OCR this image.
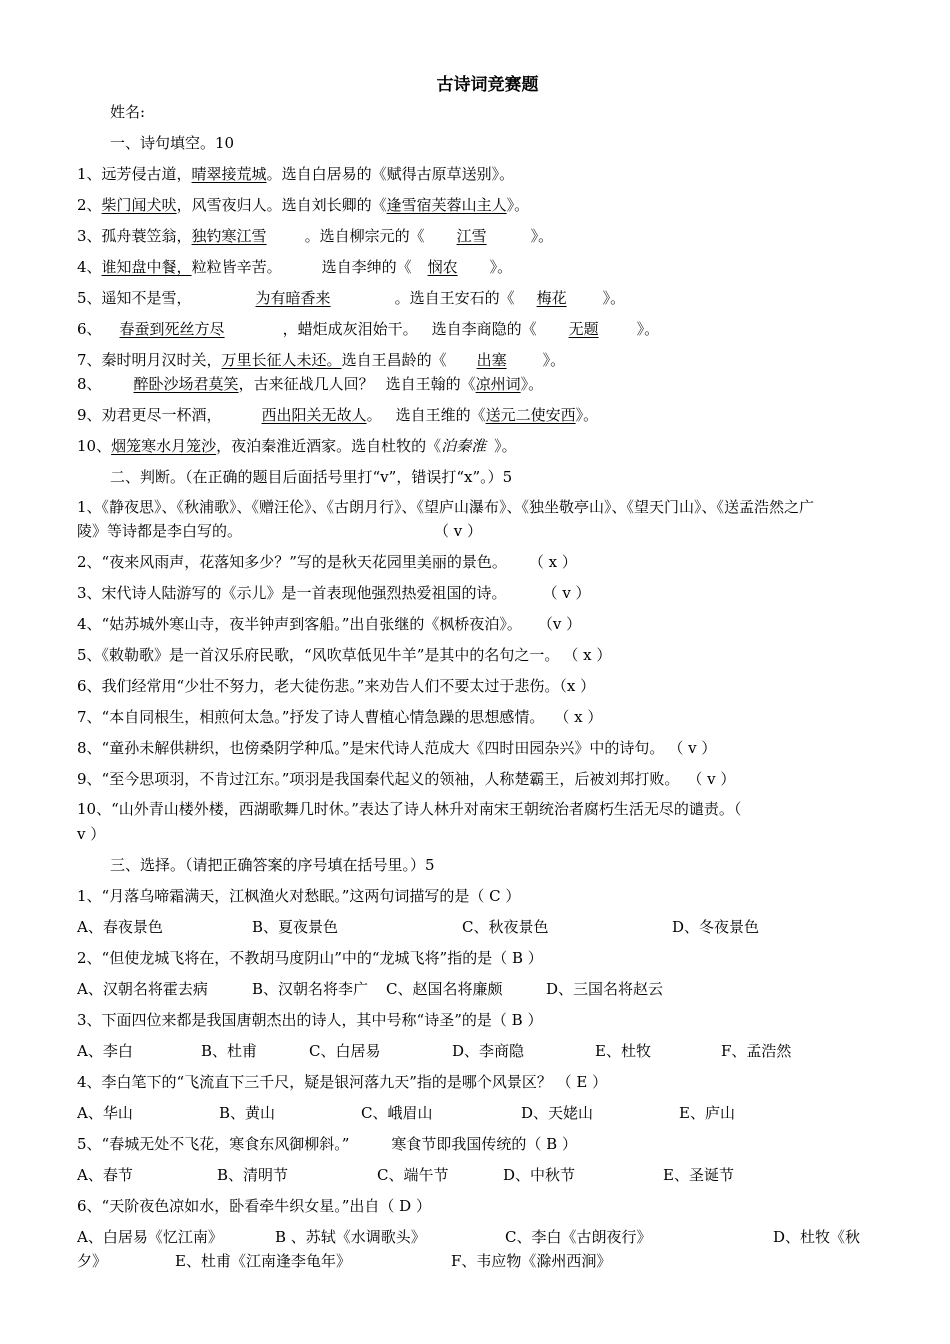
古诗词竞赛题
姓名:
一、诗句填空。10
1、远芳侵古道，晴翠接荒城。选自白居易的《赋得古原草送别》。
2、柴门闻犬吠，风雪夜归人。选自刘长卿的《逢雪宿芙蓉山主人》。
3、孤舟蓑笠翁，独钓寒江雪	。选自柳宗元的《 江雪	》。
4、谁知盘中餐，粒粒皆辛苦。	选自李绅的《 悯农 》。
5、遥知不是雪，	为有暗香来	。选自王安石的《 梅花 》。
6、 春蚕到死丝方尽	，蜡炬成灰泪始干。 选自李商隐的《 无题	》。
7、秦时明月汉时关，万里长征人未还。选自王昌龄的《 出塞 》。
8、 醉卧沙场君莫笑，古来征战几人回？ 选自王翰的《凉州词》。
9、劝君更尽一杯酒，	西出阳关无故人。 选自王维的《送元二使安西》。
10、烟笼寒水月笼沙，夜泊秦淮近酒家。选自杜牧的《泊秦淮 》。
二、判断。（在正确的题目后面括号里打“v”，错误打“x”。）5
1、《静夜思》、《秋浦歌》、《赠汪伦》、《古朗月行》、《望庐山瀑布》、《独坐敬亭山》、《望天门山》、《送孟浩然之广
陵》等诗都是李白写的。	（ v ）
2、“夜来风雨声，花落知多少？”写的是秋天花园里美丽的景色。 （ x ）
3、宋代诗人陆游写的《示儿》是一首表现他强烈热爱祖国的诗。 （ v ）
4、“姑苏城外寒山寺，夜半钟声到客船。”出自张继的《枫桥夜泊》。 （v ）
5、《敕勒歌》是一首汉乐府民歌，“风吹草低见牛羊”是其中的名句之一。 （ x ）
6、我们经常用“少壮不努力，老大徒伤悲。”来劝告人们不要太过于悲伤。（x ）
7、“本自同根生，相煎何太急。”抒发了诗人曹植心情急躁的思想感情。 （ x ）
8、“童孙未解供耕织，也傍桑阴学种瓜。”是宋代诗人范成大《四时田园杂兴》中的诗句。 （ v ）
9、“至今思项羽，不肯过江东。”项羽是我国秦代起义的领袖，人称楚霸王，后被刘邦打败。 （ v ）
10、“山外青山楼外楼，西湖歌舞几时休。”表达了诗人林升对南宋王朝统治者腐朽生活无尽的谴责。（
v ）
三、选择。（请把正确答案的序号填在括号里。）5
1、“月落乌啼霜满天，江枫渔火对愁眠。”这两句词描写的是（ C ）
A、春夜景色	B、夏夜景色	C、秋夜景色	D、冬夜景色
2、“但使龙城飞将在，不教胡马度阴山”中的“龙城飞将”指的是（ B ）
A、汉朝名将霍去病	B、汉朝名将李广 C、赵国名将廉颇	D、三国名将赵云
3、下面四位来都是我国唐朝杰出的诗人，其中号称“诗圣”的是（ B ）
A、李白	B、杜甫	C、白居易	D、李商隐	E、杜牧	F、孟浩然
4、李白笔下的“飞流直下三千尺，疑是银河落九天”指的是哪个风景区？ （ E ）
A、华山	B、黄山	C、峨眉山	D、天姥山	E、庐山
5、“春城无处不飞花，寒食东风御柳斜。”	寒食节即我国传统的（ B ）
A、春节	B、清明节	C、端午节	D、中秋节	E、圣诞节
6、“天阶夜色凉如水，卧看牵牛织女星。”出自（ D ）
A、白居易《忆江南》	B 、苏轼《水调歌头》	C、李白《古朗夜行》	D、杜牧《秋
夕》	E、杜甫《江南逢李龟年》	F、韦应物《滁州西涧》
